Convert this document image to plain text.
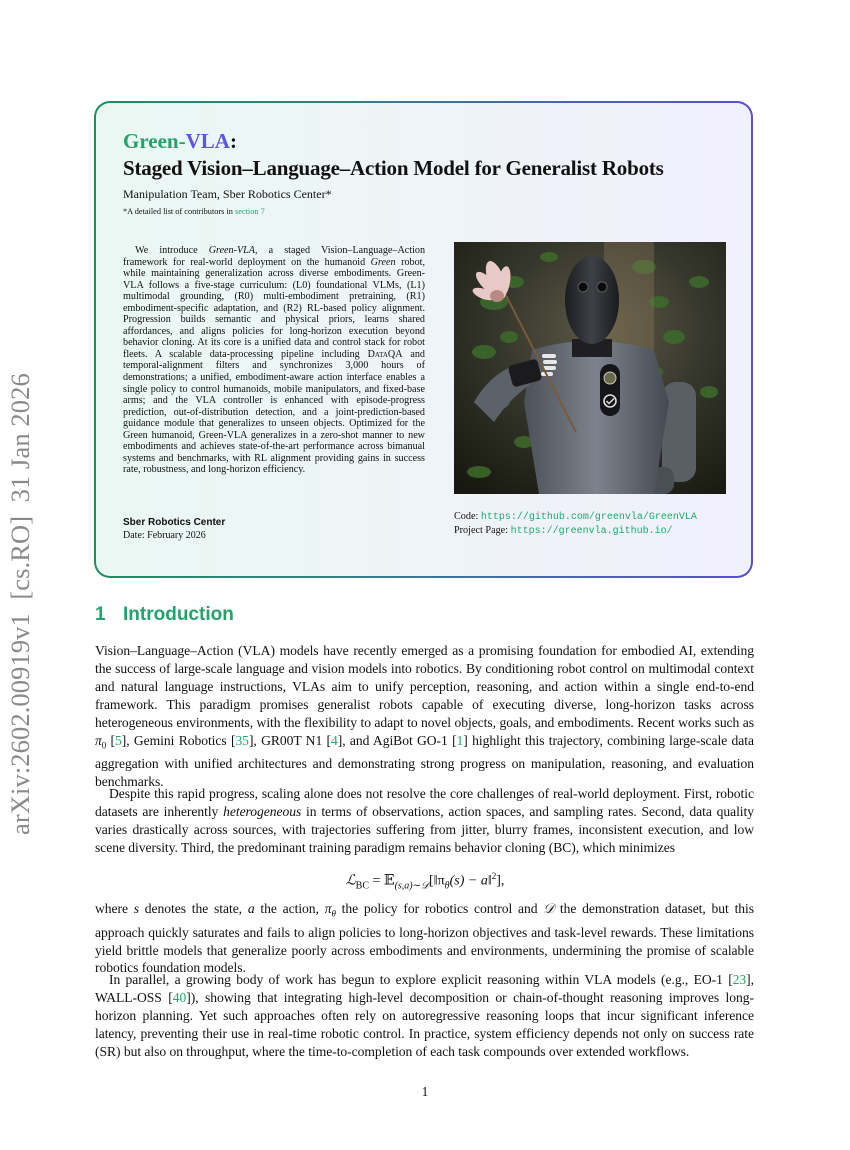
arXiv:2602.00919v1  [cs.RO]  31 Jan 2026
Green-VLA:
Staged Vision–Language–Action Model for Generalist Robots
Manipulation Team, Sber Robotics Center*
*A detailed list of contributors in section 7
We introduce Green-VLA, a staged Vision–Language–Action framework for real-world deployment on the humanoid Green robot, while maintaining generalization across diverse embodiments. Green-VLA follows a five-stage curriculum: (L0) foundational VLMs, (L1) multimodal grounding, (R0) multi-embodiment pretraining, (R1) embodiment-specific adaptation, and (R2) RL-based policy alignment. Progression builds semantic and physical priors, learns shared affordances, and aligns policies for long-horizon execution beyond behavior cloning. At its core is a unified data and control stack for robot fleets. A scalable data-processing pipeline including DataQA and temporal-alignment filters and synchronizes 3,000 hours of demonstrations; a unified, embodiment-aware action interface enables a single policy to control humanoids, mobile manipulators, and fixed-base arms; and the VLA controller is enhanced with episode-progress prediction, out-of-distribution detection, and a joint-prediction-based guidance module that generalizes to unseen objects. Optimized for the Green humanoid, Green-VLA generalizes in a zero-shot manner to new embodiments and achieves state-of-the-art performance across bimanual systems and benchmarks, with RL alignment providing gains in success rate, robustness, and long-horizon efficiency.
Sber Robotics Center
Date: February 2026
Code: https://github.com/greenvla/GreenVLA
Project Page: https://greenvla.github.io/
1 Introduction
Vision–Language–Action (VLA) models have recently emerged as a promising foundation for embodied AI, extending the success of large-scale language and vision models into robotics. By conditioning robot control on multimodal context and natural language instructions, VLAs aim to unify perception, reasoning, and action within a single end-to-end framework. This paradigm promises generalist robots capable of executing diverse, long-horizon tasks across heterogeneous environments, with the flexibility to adapt to novel objects, goals, and embodiments. Recent works such as $\pi_0$ [5], Gemini Robotics [35], GR00T N1 [4], and AgiBot GO-1 [1] highlight this trajectory, combining large-scale data aggregation with unified architectures and demonstrating strong progress on manipulation, reasoning, and evaluation benchmarks.
Despite this rapid progress, scaling alone does not resolve the core challenges of real-world deployment. First, robotic datasets are inherently heterogeneous in terms of observations, action spaces, and sampling rates. Second, data quality varies drastically across sources, with trajectories suffering from jitter, blurry frames, inconsistent execution, and low scene diversity. Third, the predominant training paradigm remains behavior cloning (BC), which minimizes
ℒ$_{BC}$ = $𝔼_{(s,a)\sim 𝒟}[‖\pi_\theta(s)$ − a‖$^2$],
where s denotes the state, a the action, $\pi_\theta$ the policy for robotics control and 𝒟 the demonstration dataset, but this approach quickly saturates and fails to align policies to long-horizon objectives and task-level rewards. These limitations yield brittle models that generalize poorly across embodiments and environments, undermining the promise of scalable robotics foundation models.
In parallel, a growing body of work has begun to explore explicit reasoning within VLA models (e.g., EO-1 [23], WALL-OSS [40]), showing that integrating high-level decomposition or chain-of-thought reasoning improves long-horizon planning. Yet such approaches often rely on autoregressive reasoning loops that incur significant inference latency, preventing their use in real-time robotic control. In practice, system efficiency depends not only on success rate (SR) but also on throughput, where the time-to-completion of each task compounds over extended workflows.
1
